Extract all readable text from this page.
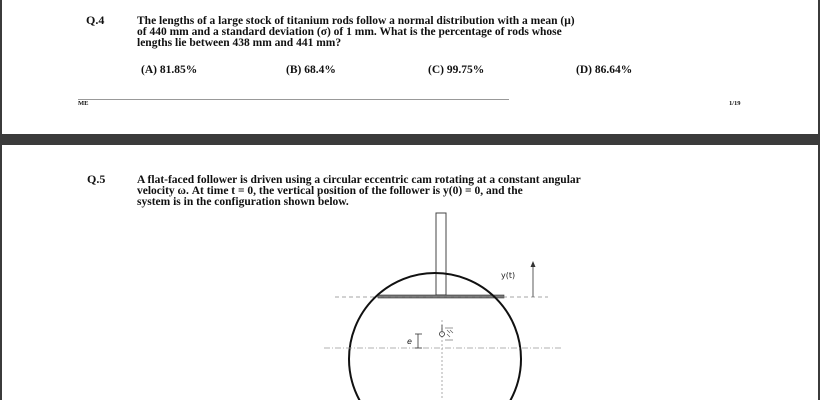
Q.4	The lengths of a large stock of titanium rods follow a normal distribution with a mean (μ)
of 440 mm and a standard deviation (σ) of 1 mm. What is the percentage of rods whose
lengths lie between 438 mm and 441 mm?
(A) 81.85%	(B) 68.4%	(C) 99.75%	(D) 86.64%
ME	1/19
Q.5	A flat-faced follower is driven using a circular eccentric cam rotating at a constant angular
velocity ω. At time t = 0, the vertical position of the follower is y(0) = 0, and the
system is in the configuration shown below.
y(t)
e
